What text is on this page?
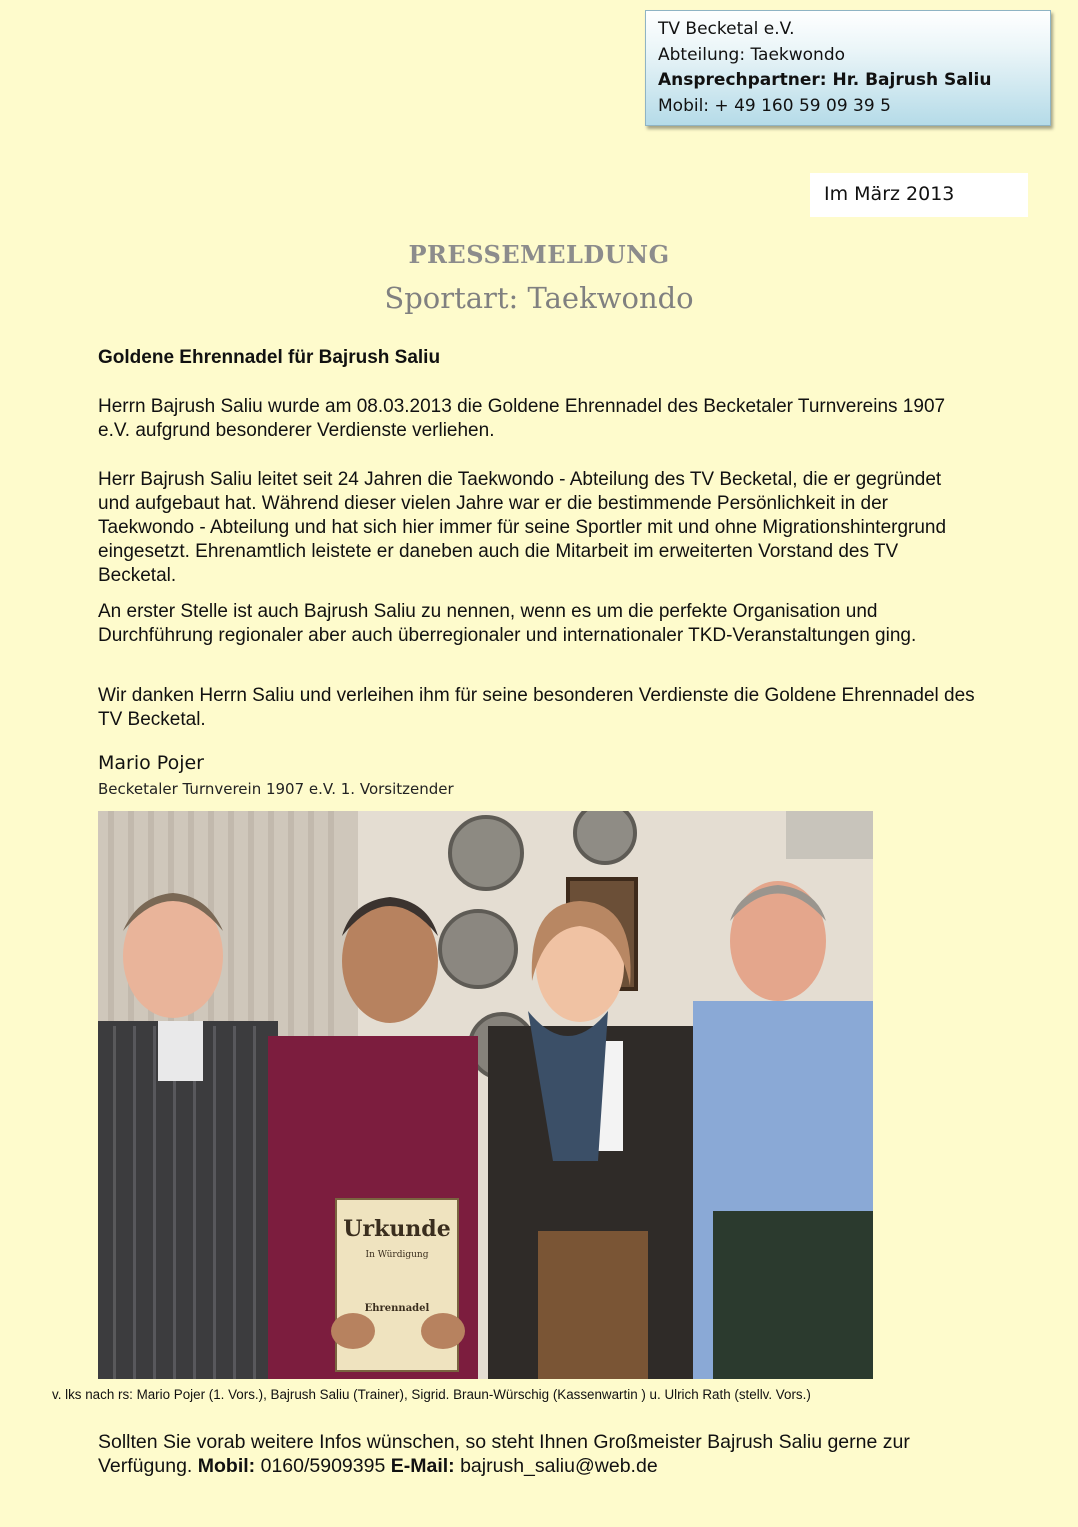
TV Becketal e.V.
Abteilung: Taekwondo
Ansprechpartner: Hr. Bajrush Saliu
Mobil: + 49 160 59 09 39 5
Im März 2013
PRESSEMELDUNG
Sportart: Taekwondo
Goldene Ehrennadel für Bajrush Saliu

Herrn Bajrush Saliu wurde am 08.03.2013 die Goldene Ehrennadel des Becketaler Turnvereins 1907 e.V. aufgrund besonderer Verdienste verliehen.

Herr Bajrush Saliu leitet seit 24 Jahren die Taekwondo - Abteilung des TV Becketal, die er gegründet und aufgebaut hat. Während dieser vielen Jahre war er die bestimmende Persönlichkeit in der Taekwondo - Abteilung und hat sich hier immer für seine Sportler mit und ohne Migrationshintergrund eingesetzt. Ehrenamtlich leistete er daneben auch die Mitarbeit im erweiterten Vorstand des TV Becketal.

An erster Stelle ist auch Bajrush Saliu zu nennen, wenn es um die perfekte Organisation und Durchführung regionaler aber auch überregionaler und internationaler TKD-Veranstaltungen ging.

Wir danken Herrn Saliu und verleihen ihm für seine besonderen Verdienste die Goldene Ehrennadel des TV Becketal.

Mario Pojer
Becketaler Turnverein 1907 e.V. 1. Vorsitzender
Urkunde
In Würdigung
Ehrennadel
v. lks nach rs: Mario Pojer (1. Vors.), Bajrush Saliu (Trainer), Sigrid. Braun-Würschig (Kassenwartin ) u. Ulrich Rath (stellv. Vors.)

Sollten Sie vorab weitere Infos wünschen, so steht Ihnen Großmeister Bajrush Saliu gerne zur Verfügung. Mobil: 0160/5909395 E-Mail: bajrush_saliu@web.de
